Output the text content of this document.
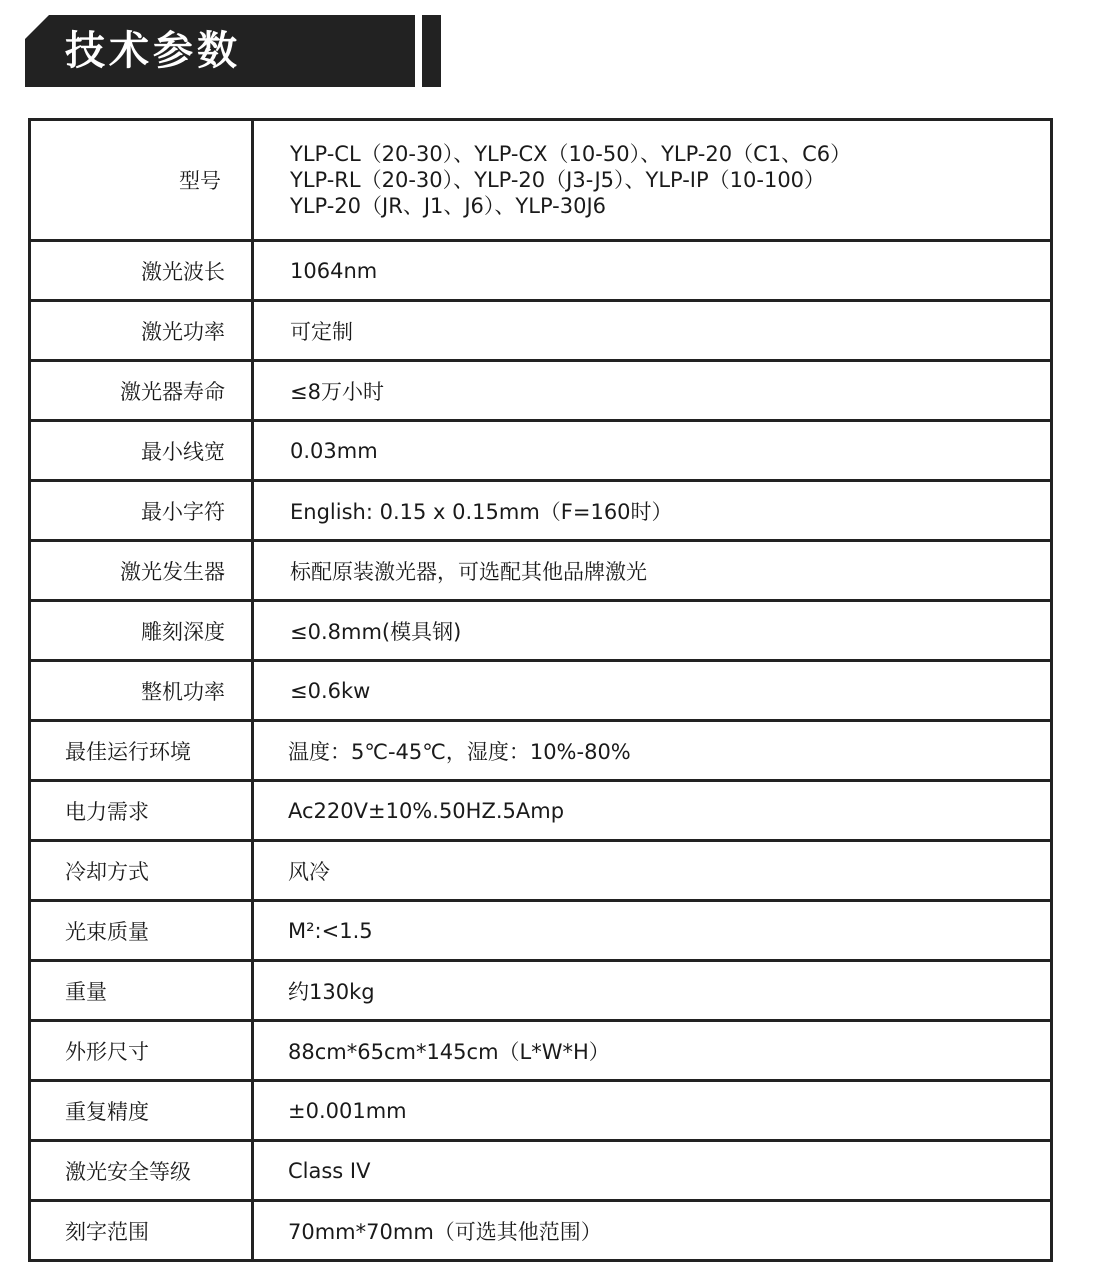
技术参数
型号	YLP-CL（20-30）、YLP-CX（10-50）、YLP-20（C1、C6）
YLP-RL（20-30）、YLP-20（J3-J5）、YLP-IP（10-100）
YLP-20（JR、J1、J6）、YLP-30J6

激光波长	1064nm
激光功率	可定制
激光器寿命	≤8万小时
最小线宽	0.03mm
最小字符	English: 0.15 x 0.15mm（F=160时）
激光发生器	标配原装激光器，可选配其他品牌激光
雕刻深度	≤0.8mm(模具钢)
整机功率	≤0.6kw
最佳运行环境	温度：5℃-45℃，湿度：10%-80%
电力需求	Ac220V±10%.50HZ.5Amp
冷却方式	风冷
光束质量	M²:<1.5
重量	约130kg
外形尺寸	88cm*65cm*145cm（L*W*H）
重复精度	±0.001mm
激光安全等级	Class IV
刻字范围	70mm*70mm（可选其他范围）
